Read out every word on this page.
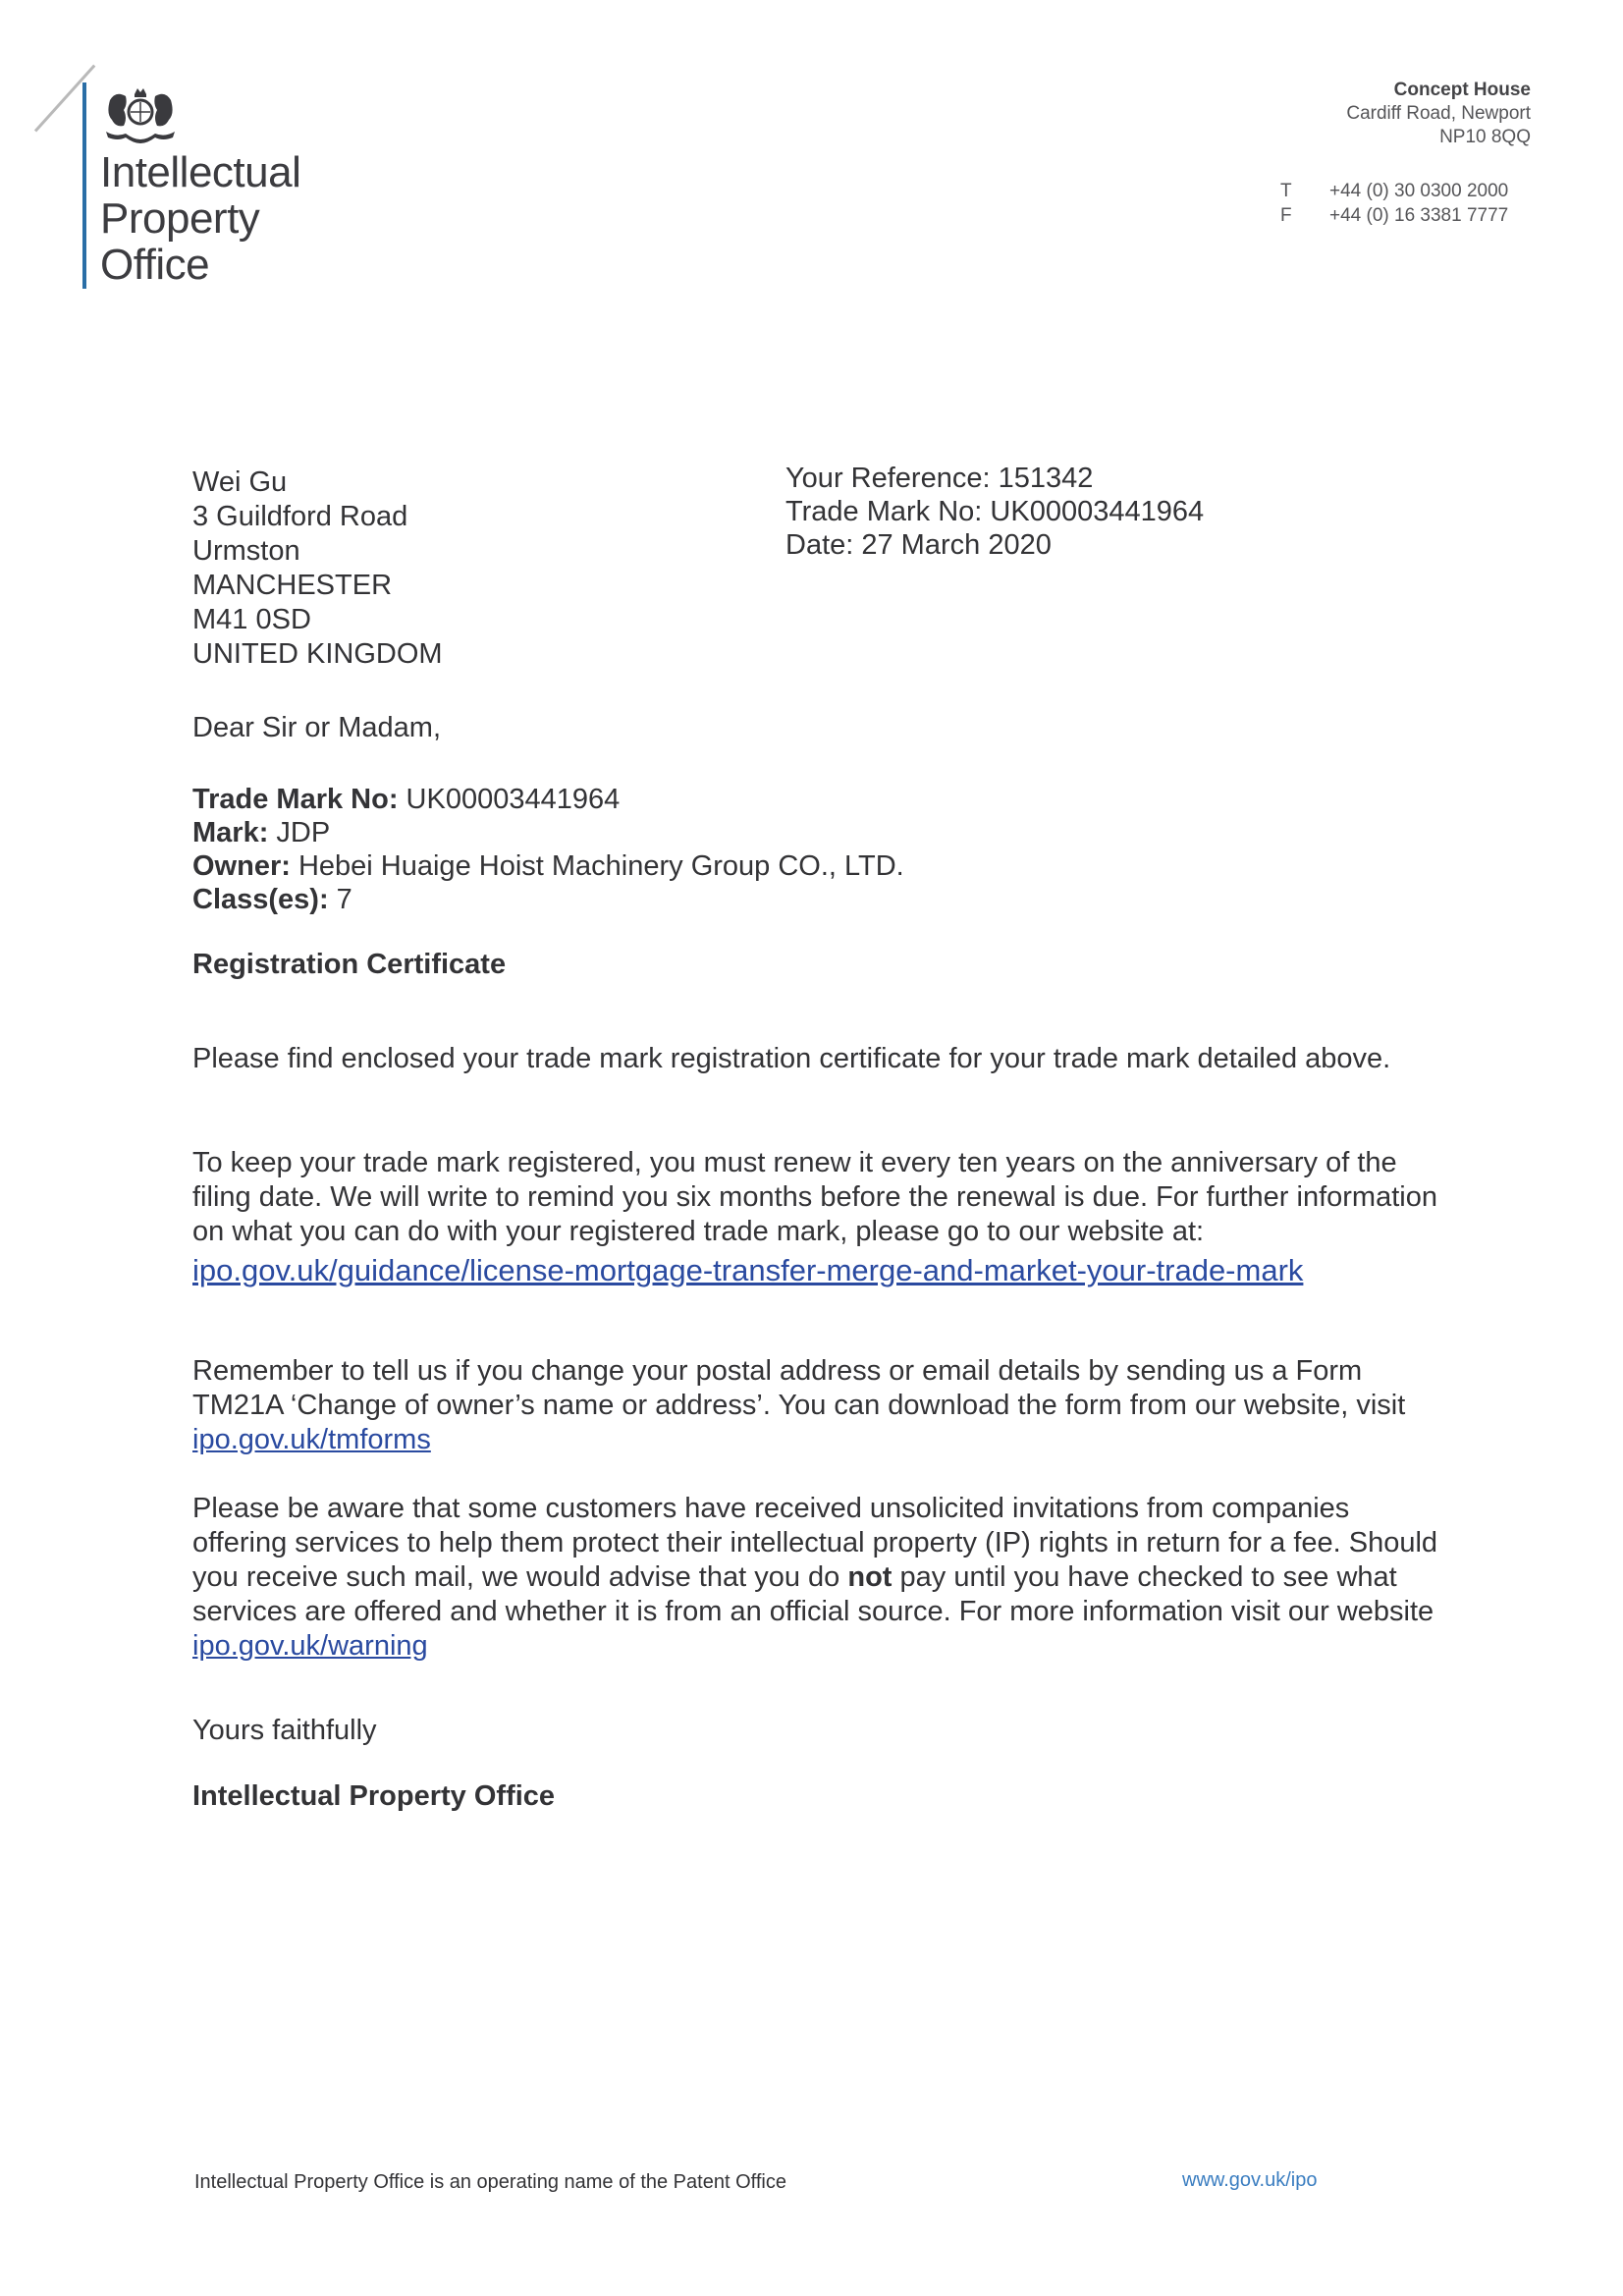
Intellectual
Property
Office
Concept House
Cardiff Road, Newport
NP10 8QQ
T	+44 (0) 30 0300 2000
F	+44 (0) 16 3381 7777
Wei Gu
3 Guildford Road
Urmston
MANCHESTER
M41 0SD
UNITED KINGDOM
Your Reference: 151342
Trade Mark No: UK00003441964
Date: 27 March 2020
Dear Sir or Madam,
Trade Mark No: UK00003441964
Mark: JDP
Owner: Hebei Huaige Hoist Machinery Group CO., LTD.
Class(es): 7
Registration Certificate

Please find enclosed your trade mark registration certificate for your trade mark detailed above.

To keep your trade mark registered, you must renew it every ten years on the anniversary of the filing date. We will write to remind you six months before the renewal is due. For further information on what you can do with your registered trade mark, please go to our website at:

ipo.gov.uk/guidance/license-mortgage-transfer-merge-and-market-your-trade-mark

Remember to tell us if you change your postal address or email details by sending us a Form TM21A ‘Change of owner’s name or address’. You can download the form from our website, visit ipo.gov.uk/tmforms

Please be aware that some customers have received unsolicited invitations from companies offering services to help them protect their intellectual property (IP) rights in return for a fee. Should you receive such mail, we would advise that you do not pay until you have checked to see what services are offered and whether it is from an official source. For more information visit our website ipo.gov.uk/warning

Yours faithfully
Intellectual Property Office
Intellectual Property Office is an operating name of the Patent Office	www.gov.uk/ipo
